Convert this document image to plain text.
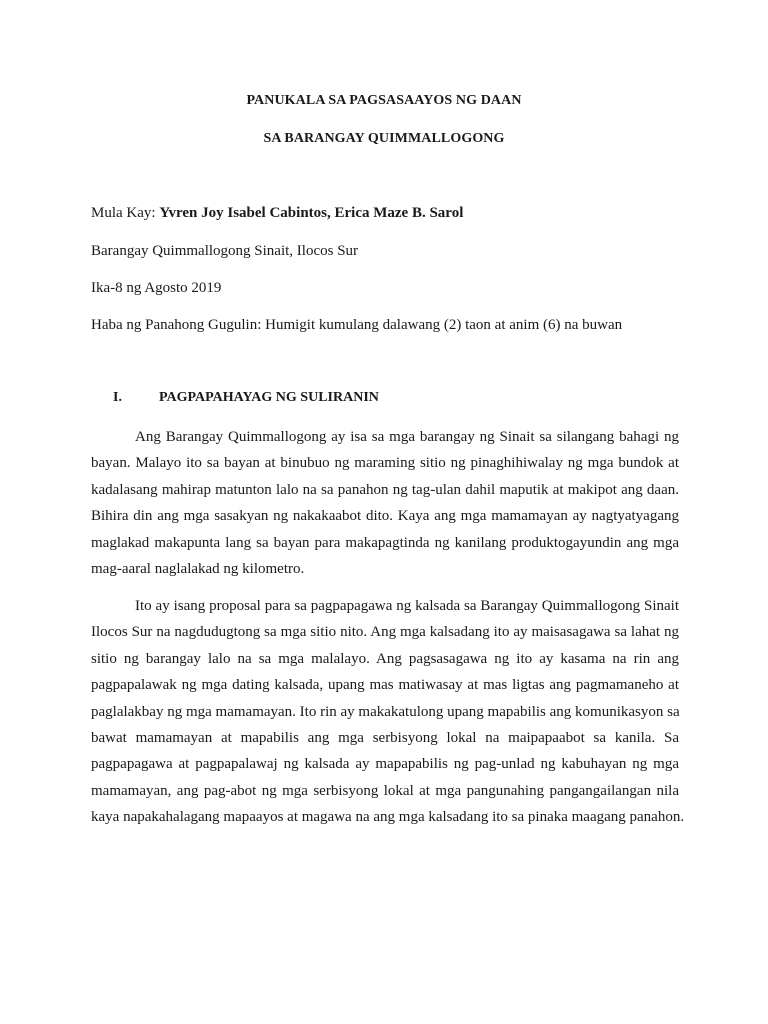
PANUKALA SA PAGSASAAYOS NG DAAN
SA BARANGAY QUIMMALLOGONG
Mula Kay: Yvren Joy Isabel Cabintos, Erica Maze B. Sarol
Barangay Quimmallogong Sinait, Ilocos Sur
Ika-8 ng Agosto 2019
Haba ng Panahong Gugulin: Humigit kumulang dalawang (2) taon at anim (6) na buwan
I.	PAGPAPAHAYAG NG SULIRANIN
Ang Barangay Quimmallogong ay isa sa mga barangay ng Sinait sa silangang bahagi ng
bayan. Malayo ito sa bayan at binubuo ng maraming sitio ng pinaghihiwalay ng mga bundok at
kadalasang mahirap matunton lalo na sa panahon ng tag-ulan dahil maputik at makipot ang daan.
Bihira din ang mga sasakyan ng nakakaabot dito. Kaya ang mga mamamayan ay nagtyatyagang
maglakad makapunta lang sa bayan para makapagtinda ng kanilang produktogayundin ang mga
mag-aaral naglalakad ng kilometro.
Ito ay isang proposal para sa pagpapagawa ng kalsada sa Barangay Quimmallogong Sinait
Ilocos Sur na nagdudugtong sa mga sitio nito. Ang mga kalsadang ito ay maisasagawa sa lahat ng
sitio ng barangay lalo na sa mga malalayo. Ang pagsasagawa ng ito ay kasama na rin ang
pagpapalawak ng mga dating kalsada, upang mas matiwasay at mas ligtas ang pagmamaneho at
paglalakbay ng mga mamamayan. Ito rin ay makakatulong upang mapabilis ang komunikasyon sa
bawat mamamayan at mapabilis ang mga serbisyong lokal na maipapaabot sa kanila. Sa
pagpapagawa at pagpapalawaj ng kalsada ay mapapabilis ng pag-unlad ng kabuhayan ng mga
mamamayan, ang pag-abot ng mga serbisyong lokal at mga pangunahing pangangailangan nila
kaya napakahalagang mapaayos at magawa na ang mga kalsadang ito sa pinaka maagang panahon.
